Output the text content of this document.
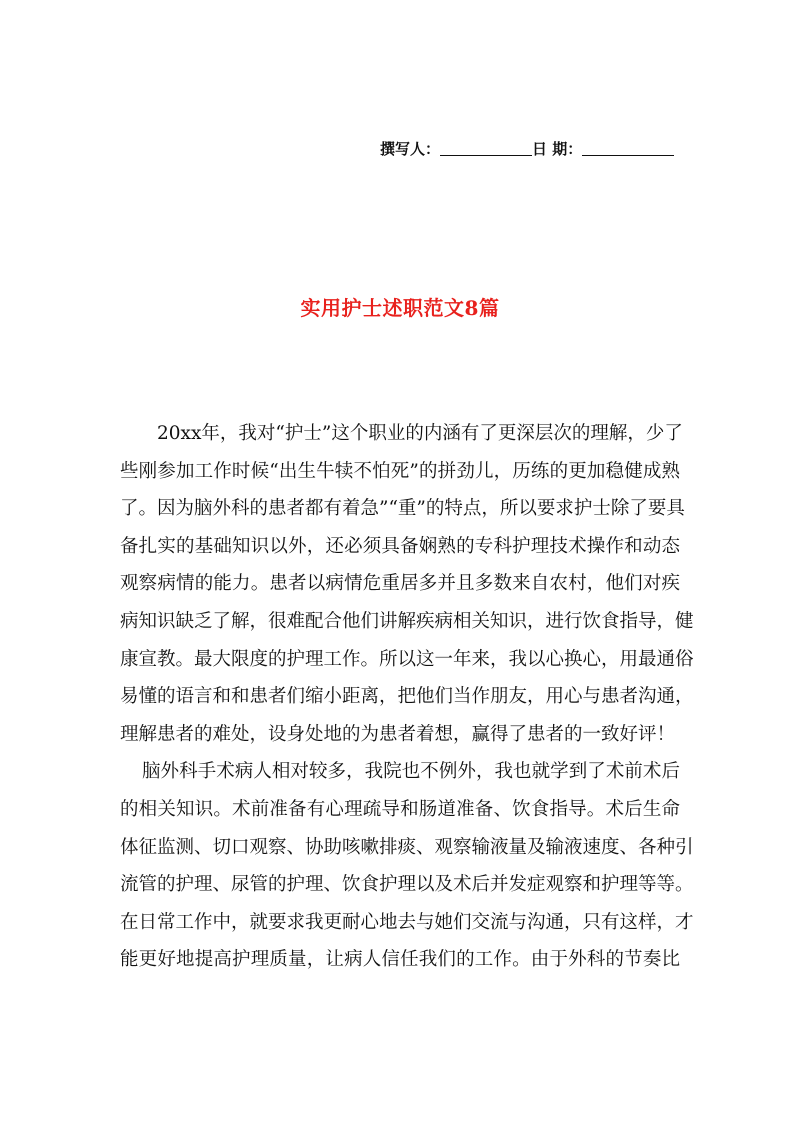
撰写人：	日 期：
实用护士述职范文8篇
20xx年，我对“护士”这个职业的内涵有了更深层次的理解，少了
些刚参加工作时候“出生牛犊不怕死”的拼劲儿，历练的更加稳健成熟
了。因为脑外科的患者都有着急”“重”的特点，所以要求护士除了要具
备扎实的基础知识以外，还必须具备娴熟的专科护理技术操作和动态
观察病情的能力。患者以病情危重居多并且多数来自农村，他们对疾
病知识缺乏了解，很难配合他们讲解疾病相关知识，进行饮食指导，健
康宣教。最大限度的护理工作。所以这一年来，我以心换心，用最通俗
易懂的语言和和患者们缩小距离，把他们当作朋友，用心与患者沟通，
理解患者的难处，设身处地的为患者着想，赢得了患者的一致好评！
脑外科手术病人相对较多，我院也不例外，我也就学到了术前术后
的相关知识。术前准备有心理疏导和肠道准备、饮食指导。术后生命
体征监测、切口观察、协助咳嗽排痰、观察输液量及输液速度、各种引
流管的护理、尿管的护理、饮食护理以及术后并发症观察和护理等等。
在日常工作中，就要求我更耐心地去与她们交流与沟通，只有这样，才
能更好地提高护理质量，让病人信任我们的工作。由于外科的节奏比
